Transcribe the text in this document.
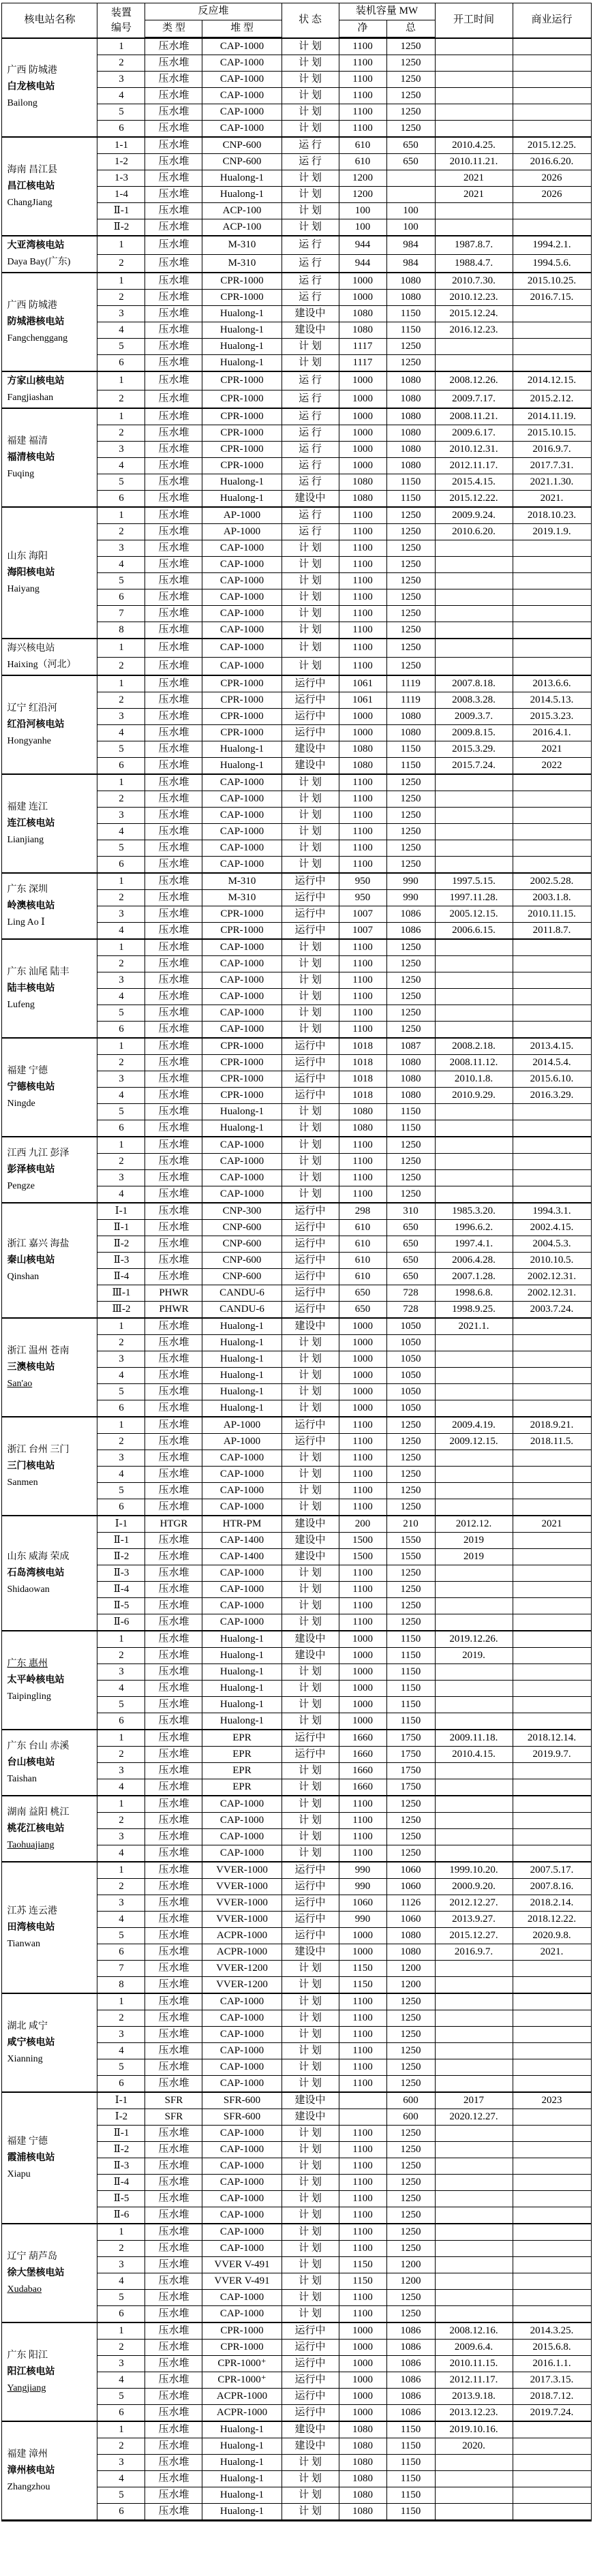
核电站名称	装置
编号	反应堆		状 态	装机容量 MW		开工时间	商业运行
		类 型	堆 型		净	总		

广西 防城港
白龙核电站
Bailong	1	压水堆	CAP-1000	计 划	1100	1250		
	2	压水堆	CAP-1000	计 划	1100	1250		
	3	压水堆	CAP-1000	计 划	1100	1250		
	4	压水堆	CAP-1000	计 划	1100	1250		
	5	压水堆	CAP-1000	计 划	1100	1250		
	6	压水堆	CAP-1000	计 划	1100	1250		

海南 昌江县
昌江核电站
ChangJiang	1-1	压水堆	CNP-600	运 行	610	650	2010.4.25.	2015.12.25.
	1-2	压水堆	CNP-600	运 行	610	650	2010.11.21.	2016.6.20.
	1-3	压水堆	Hualong-1	计 划	1200		2021	2026
	1-4	压水堆	Hualong-1	计 划	1200		2021	2026
	Ⅱ-1	压水堆	ACP-100	计 划	100	100		
	Ⅱ-2	压水堆	ACP-100	计 划	100	100		

大亚湾核电站
Daya Bay(广东)	1	压水堆	M-310	运 行	944	984	1987.8.7.	1994.2.1.
	2	压水堆	M-310	运 行	944	984	1988.4.7.	1994.5.6.

广西 防城港
防城港核电站
Fangchenggang	1	压水堆	CPR-1000	运 行	1000	1080	2010.7.30.	2015.10.25.
	2	压水堆	CPR-1000	运 行	1000	1080	2010.12.23.	2016.7.15.
	3	压水堆	Hualong-1	建设中	1080	1150	2015.12.24.	
	4	压水堆	Hualong-1	建设中	1080	1150	2016.12.23.	
	5	压水堆	Hualong-1	计 划	1117	1250		
	6	压水堆	Hualong-1	计 划	1117	1250		

方家山核电站
Fangjiashan	1	压水堆	CPR-1000	运 行	1000	1080	2008.12.26.	2014.12.15.
	2	压水堆	CPR-1000	运 行	1000	1080	2009.7.17.	2015.2.12.

福建 福清
福清核电站
Fuqing	1	压水堆	CPR-1000	运 行	1000	1080	2008.11.21.	2014.11.19.
	2	压水堆	CPR-1000	运 行	1000	1080	2009.6.17.	2015.10.15.
	3	压水堆	CPR-1000	运 行	1000	1080	2010.12.31.	2016.9.7.
	4	压水堆	CPR-1000	运 行	1000	1080	2012.11.17.	2017.7.31.
	5	压水堆	Hualong-1	运 行	1080	1150	2015.4.15.	2021.1.30.
	6	压水堆	Hualong-1	建设中	1080	1150	2015.12.22.	2021.

山东 海阳
海阳核电站
Haiyang	1	压水堆	AP-1000	运 行	1100	1250	2009.9.24.	2018.10.23.
	2	压水堆	AP-1000	运 行	1100	1250	2010.6.20.	2019.1.9.
	3	压水堆	CAP-1000	计 划	1100	1250		
	4	压水堆	CAP-1000	计 划	1100	1250		
	5	压水堆	CAP-1000	计 划	1100	1250		
	6	压水堆	CAP-1000	计 划	1100	1250		
	7	压水堆	CAP-1000	计 划	1100	1250		
	8	压水堆	CAP-1000	计 划	1100	1250		

海兴核电站
Haixing（河北）	1	压水堆	CAP-1000	计 划	1100	1250		
	2	压水堆	CAP-1000	计 划	1100	1250		

辽宁 红沿河
红沿河核电站
Hongyanhe	1	压水堆	CPR-1000	运行中	1061	1119	2007.8.18.	2013.6.6.
	2	压水堆	CPR-1000	运行中	1061	1119	2008.3.28.	2014.5.13.
	3	压水堆	CPR-1000	运行中	1000	1080	2009.3.7.	2015.3.23.
	4	压水堆	CPR-1000	运行中	1000	1080	2009.8.15.	2016.4.1.
	5	压水堆	Hualong-1	建设中	1080	1150	2015.3.29.	2021
	6	压水堆	Hualong-1	建设中	1080	1150	2015.7.24.	2022

福建 连江
连江核电站
Lianjiang	1	压水堆	CAP-1000	计 划	1100	1250		
	2	压水堆	CAP-1000	计 划	1100	1250		
	3	压水堆	CAP-1000	计 划	1100	1250		
	4	压水堆	CAP-1000	计 划	1100	1250		
	5	压水堆	CAP-1000	计 划	1100	1250		
	6	压水堆	CAP-1000	计 划	1100	1250		

广东 深圳
岭澳核电站
Ling Ao Ⅰ	1	压水堆	M-310	运行中	950	990	1997.5.15.	2002.5.28.
	2	压水堆	M-310	运行中	950	990	1997.11.28.	2003.1.8.
	3	压水堆	CPR-1000	运行中	1007	1086	2005.12.15.	2010.11.15.
	4	压水堆	CPR-1000	运行中	1007	1086	2006.6.15.	2011.8.7.

广东 汕尾 陆丰
陆丰核电站
Lufeng	1	压水堆	CAP-1000	计 划	1100	1250		
	2	压水堆	CAP-1000	计 划	1100	1250		
	3	压水堆	CAP-1000	计 划	1100	1250		
	4	压水堆	CAP-1000	计 划	1100	1250		
	5	压水堆	CAP-1000	计 划	1100	1250		
	6	压水堆	CAP-1000	计 划	1100	1250		

福建 宁德
宁德核电站
Ningde	1	压水堆	CPR-1000	运行中	1018	1087	2008.2.18.	2013.4.15.
	2	压水堆	CPR-1000	运行中	1018	1080	2008.11.12.	2014.5.4.
	3	压水堆	CPR-1000	运行中	1018	1080	2010.1.8.	2015.6.10.
	4	压水堆	CPR-1000	运行中	1018	1080	2010.9.29.	2016.3.29.
	5	压水堆	Hualong-1	计 划	1080	1150		
	6	压水堆	Hualong-1	计 划	1080	1150		

江西 九江 彭泽
彭泽核电站
Pengze	1	压水堆	CAP-1000	计 划	1100	1250		
	2	压水堆	CAP-1000	计 划	1100	1250		
	3	压水堆	CAP-1000	计 划	1100	1250		
	4	压水堆	CAP-1000	计 划	1100	1250		

浙江 嘉兴 海盐
秦山核电站
Qinshan	Ⅰ-1	压水堆	CNP-300	运行中	298	310	1985.3.20.	1994.3.1.
	Ⅱ-1	压水堆	CNP-600	运行中	610	650	1996.6.2.	2002.4.15.
	Ⅱ-2	压水堆	CNP-600	运行中	610	650	1997.4.1.	2004.5.3.
	Ⅱ-3	压水堆	CNP-600	运行中	610	650	2006.4.28.	2010.10.5.
	Ⅱ-4	压水堆	CNP-600	运行中	610	650	2007.1.28.	2002.12.31.
	Ⅲ-1	PHWR	CANDU-6	运行中	650	728	1998.6.8.	2002.12.31.
	Ⅲ-2	PHWR	CANDU-6	运行中	650	728	1998.9.25.	2003.7.24.

浙江 温州 苍南
三澳核电站
San'ao	1	压水堆	Hualong-1	建设中	1000	1050	2021.1.	
	2	压水堆	Hualong-1	计 划	1000	1050		
	3	压水堆	Hualong-1	计 划	1000	1050		
	4	压水堆	Hualong-1	计 划	1000	1050		
	5	压水堆	Hualong-1	计 划	1000	1050		
	6	压水堆	Hualong-1	计 划	1000	1050		

浙江 台州 三门
三门核电站
Sanmen	1	压水堆	AP-1000	运行中	1100	1250	2009.4.19.	2018.9.21.
	2	压水堆	AP-1000	运行中	1100	1250	2009.12.15.	2018.11.5.
	3	压水堆	CAP-1000	计 划	1100	1250		
	4	压水堆	CAP-1000	计 划	1100	1250		
	5	压水堆	CAP-1000	计 划	1100	1250		
	6	压水堆	CAP-1000	计 划	1100	1250		

山东 威海 荣成
石岛湾核电站
Shidaowan	Ⅰ-1	HTGR	HTR-PM	建设中	200	210	2012.12.	2021
	Ⅱ-1	压水堆	CAP-1400	建设中	1500	1550	2019	
	Ⅱ-2	压水堆	CAP-1400	建设中	1500	1550	2019	
	Ⅱ-3	压水堆	CAP-1000	计 划	1100	1250		
	Ⅱ-4	压水堆	CAP-1000	计 划	1100	1250		
	Ⅱ-5	压水堆	CAP-1000	计 划	1100	1250		
	Ⅱ-6	压水堆	CAP-1000	计 划	1100	1250		

广东 惠州
太平岭核电站
Taipingling	1	压水堆	Hualong-1	建设中	1000	1150	2019.12.26.	
	2	压水堆	Hualong-1	建设中	1000	1150	2019.	
	3	压水堆	Hualong-1	计 划	1000	1150		
	4	压水堆	Hualong-1	计 划	1000	1150		
	5	压水堆	Hualong-1	计 划	1000	1150		
	6	压水堆	Hualong-1	计 划	1000	1150		

广东 台山 赤溪
台山核电站
Taishan	1	压水堆	EPR	运行中	1660	1750	2009.11.18.	2018.12.14.
	2	压水堆	EPR	运行中	1660	1750	2010.4.15.	2019.9.7.
	3	压水堆	EPR	计 划	1660	1750		
	4	压水堆	EPR	计 划	1660	1750		

湖南 益阳 桃江
桃花江核电站
Taohuajiang	1	压水堆	CAP-1000	计 划	1100	1250		
	2	压水堆	CAP-1000	计 划	1100	1250		
	3	压水堆	CAP-1000	计 划	1100	1250		
	4	压水堆	CAP-1000	计 划	1100	1250		

江苏 连云港
田湾核电站
Tianwan	1	压水堆	VVER-1000	运行中	990	1060	1999.10.20.	2007.5.17.
	2	压水堆	VVER-1000	运行中	990	1060	2000.9.20.	2007.8.16.
	3	压水堆	VVER-1000	运行中	1060	1126	2012.12.27.	2018.2.14.
	4	压水堆	VVER-1000	运行中	990	1060	2013.9.27.	2018.12.22.
	5	压水堆	ACPR-1000	运行中	1000	1080	2015.12.27.	2020.9.8.
	6	压水堆	ACPR-1000	建设中	1000	1080	2016.9.7.	2021.
	7	压水堆	VVER-1200	计 划	1150	1200		
	8	压水堆	VVER-1200	计 划	1150	1200		

湖北 咸宁
咸宁核电站
Xianning	1	压水堆	CAP-1000	计 划	1100	1250		
	2	压水堆	CAP-1000	计 划	1100	1250		
	3	压水堆	CAP-1000	计 划	1100	1250		
	4	压水堆	CAP-1000	计 划	1100	1250		
	5	压水堆	CAP-1000	计 划	1100	1250		
	6	压水堆	CAP-1000	计 划	1100	1250		

福建 宁德
霞浦核电站
Xiapu	Ⅰ-1	SFR	SFR-600	建设中		600	2017	2023
	Ⅰ-2	SFR	SFR-600	建设中		600	2020.12.27.	
	Ⅱ-1	压水堆	CAP-1000	计 划	1100	1250		
	Ⅱ-2	压水堆	CAP-1000	计 划	1100	1250		
	Ⅱ-3	压水堆	CAP-1000	计 划	1100	1250		
	Ⅱ-4	压水堆	CAP-1000	计 划	1100	1250		
	Ⅱ-5	压水堆	CAP-1000	计 划	1100	1250		
	Ⅱ-6	压水堆	CAP-1000	计 划	1100	1250		

辽宁 葫芦岛
徐大堡核电站
Xudabao	1	压水堆	CAP-1000	计 划	1100	1250		
	2	压水堆	CAP-1000	计 划	1100	1250		
	3	压水堆	VVER V-491	计 划	1150	1200		
	4	压水堆	VVER V-491	计 划	1150	1200		
	5	压水堆	CAP-1000	计 划	1100	1250		
	6	压水堆	CAP-1000	计 划	1100	1250		

广东 阳江
阳江核电站
Yangjiang	1	压水堆	CPR-1000	运行中	1000	1086	2008.12.16.	2014.3.25.
	2	压水堆	CPR-1000	运行中	1000	1086	2009.6.4.	2015.6.8.
	3	压水堆	CPR-1000⁺	运行中	1000	1086	2010.11.15.	2016.1.1.
	4	压水堆	CPR-1000⁺	运行中	1000	1086	2012.11.17.	2017.3.15.
	5	压水堆	ACPR-1000	运行中	1000	1086	2013.9.18.	2018.7.12.
	6	压水堆	ACPR-1000	运行中	1000	1086	2013.12.23.	2019.7.24.

福建 漳州
漳州核电站
Zhangzhou	1	压水堆	Hualong-1	建设中	1080	1150	2019.10.16.	
	2	压水堆	Hualong-1	建设中	1080	1150	2020.	
	3	压水堆	Hualong-1	计 划	1080	1150		
	4	压水堆	Hualong-1	计 划	1080	1150		
	5	压水堆	Hualong-1	计 划	1080	1150		
	6	压水堆	Hualong-1	计 划	1080	1150		
